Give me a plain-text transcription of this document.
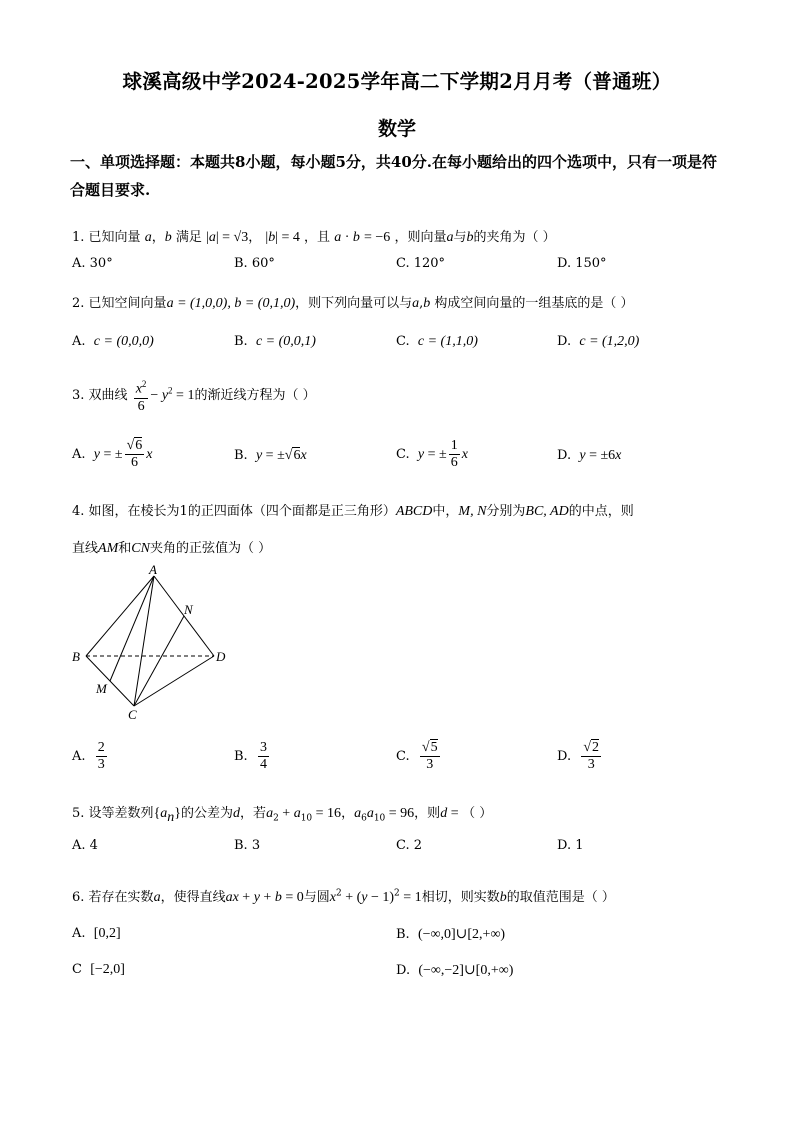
球溪高级中学2024-2025学年高二下学期2月月考（普通班）
数学
一、单项选择题：本题共8小题，每小题5分，共40分.在每小题给出的四个选项中，只有一项是符合题目要求.
1. 已知向量 a，b 满足 |a| = √3， |b| = 4 ，且 a · b = −6 ，则向量a与b的夹角为（ ）
A. 30°	B. 60°	C. 120°	D. 150°
2. 已知空间向量a = (1,0,0), b = (0,1,0)，则下列向量可以与a,b 构成空间向量的一组基底的是（ ）
A. c = (0,0,0)	B. c = (0,0,1)	C. c = (1,1,0)	D. c = (1,2,0)
3. 双曲线 $\frac{x^2}{6} - y^2 = 1$的渐近线方程为（ ）
A. y = ± $\frac{√6}{6}$ x	B. y = ±√6x	C. y = ± $\frac{1}{6}$ x	D. y = ±6x
4. 如图，在棱长为1的正四面体（四个面都是正三角形）ABCD中，M, N分别为BC, AD的中点，则
直线AM和CN夹角的正弦值为（ ）
A
B
C
D
M
N
A. $\frac{2}{3}$	B. $\frac{3}{4}$	C. $\frac{√5}{3}$	D. $\frac{√2}{3}$
5. 设等差数列$\{a_n\}$的公差为d，若$a_2 + a_{10} = 16$，$a_6a_{10} = 96$，则d = （ ）
A. 4	B. 3	C. 2	D. 1
6. 若存在实数a，使得直线ax + y + b = 0与圆$x^2 + (y - 1)^2 = 1$相切，则实数b的取值范围是（ ）
A. [0,2]	B. (−∞,0]∪[2,+∞)
C [−2,0]	D. (−∞,−2]∪[0,+∞)
